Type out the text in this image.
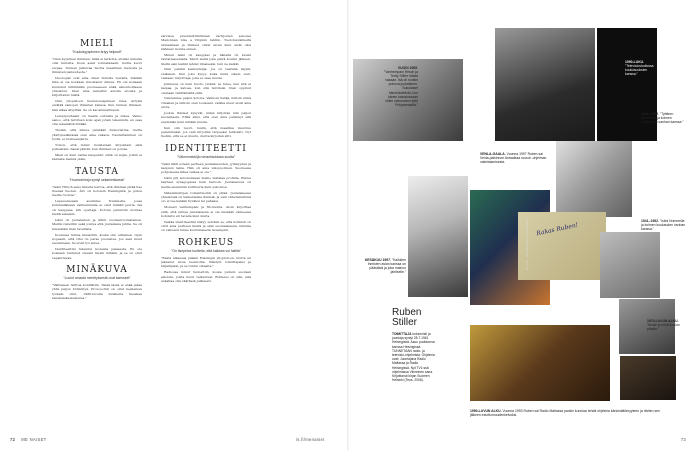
MIELI
"Kuuluisyyspinnen ärtyy helposti"

"Olen kyyninen ihminen, mikä ei tarkoita, etteikö minulla olisi tunteita. Koen asiat voimakkaasti, mutta kuori suojaa. Tunnen jatkuvaa huolta maailman menosta ja ihmisten pahuudesta."

Ideologiat ovat aina olleet minulle vieraita, mikään liike ei ole koskaan innostanut minua. En ole koskaan kuulunut mihinkään puolueeseen enkä uskonnolliseen yhteisöön. Olen aina katsellut asioita sivusta ja kirjoittanut niistä.

Olen yliopistoon kuuluisuuspinnen mies, ärtyisä eivätkä samojen ihmisten kanssa. Kun tunnen ihmisen, hän alkaa ärsyttää. Se on kai ammattitauti.

Lempipuuhaani on maata sohvalla ja lukea. Vaimo sanoo, että tarvitsen koko ajan jotain tekemistä, en osaa olla tekemättä mitään.

Tiedän, että minua pidetään humoristina, mutta yksityiselämässä olen aika vakava. Naurattaminen on työtä, ei luonteenpiirre.

Toivon, että minut muistetaan kirjoistani eikä puheistani. Sanat jäävät, kun ihminen on poissa.

Mieli on kuin vanha kaupunki: siinä on kujia, joihin ei kannata mennä yksin.

TAUSTA
"Huumorintaju syntyi sekamelskasta"

"Isäni Hirsch saisi minulle kertoa, että ihminen pitää itse itsensä huolen. Äiti oli kotoisin Helsingistä ja puhui meille ruotsia."

Lapsuudessani asuimme Nummella, jossa kummallakaan vanhemmalla ei ollut mitään juuria. Isä oli kauppias, äiti opettaja. Kotona puhuttiin montaa kieltä sekaisin.

Isäni oli juutalainen ja äitini suomenruotsalainen. Meillä vietettiin sekä joulua että juutalaisia juhlia. Se oli mielestäni ihan tavallista.

Koulussa minua kiusattiin, koska olin erilainen. Opin nopeasti, että vitsi on paras puolustus. Jos saat muut nauramaan, he eivät lyö sinua.

Identiteettini rakentui monesta palasesta. En ole koskaan tuntenut olevani täysin mitään, ja se on ollut vapauttavaa.

MINÄKUVA
"Luulot omasta merkityksestä ovat karisseet"

"Väitteleen tarttua konfliktiin. Tässä iässä ei enää jaksa yhtä paljon hölmöilyä. Provosointi on ollut keskeinen työkalu ollut, 1980-luvulla huikkeita hauskaa tanssiaiskeskustelua."

sarvissa presidenttiinlinnan vartijoiden sekossa Madonnan Like a Virginin tahtiin. Tiedotusvälineitä ahmaistaan ja ihmiset olivat aivan kuin eivät olisi nähneet moista ennen.

Minun isäni oli kauppias ja hänellä oli kioski rautatieasemalla. Kävin siellä joka päivä koulun jälkeen. Sieltä sain kaikki lehdet ilmaiseksi, luin ne kaikki.

Olen pelkkä keskustelija. Jos on vaaralla täysiä, vaikenen. Kun joku kysyy, kuka minä oikein olen, vastaan: kirjoittaja, joka ei osaa muuta.

Julkisuus on kuin huono ystävä: se tulee, kun sitä ei kaipaa, ja katoaa, kun sitä tarvitsisi. Olen oppinut olemaan välittämättä siitä.

Nauramme paljon kotona. Vaimoni tietää, milloin minä vitsailen ja milloin olen tosissani, vaikka muut eivät aina erota.

Joskus ihmiset kysyvät, miksi kirjoitan niin paljon kuolemasta. Ehkä siksi, että olen aina pelännyt sitä enemmän kuin mitään muuta.

Kun olin nuori, luulin, että maailma muuttuu paremmaksi, jos vain kirjoitan tarpeeksi terävästi. Nyt tiedän, että se ei muutu, mutta kirjoitan silti.

IDENTITEETTI
"Vähemmistöjä romantisoidaan suotta"

"Isäni lähti sotaan perheen juutalaisuuden, jyrkkyyden ja kaipuun takia. Hän oli aina ulkopuolinen. Suomessa pohjoisessa lähes vaikea ei ole."

Isäni piti autonomiaan melko matalaa profiilia. Emme käyneet synagogassa kuin harvoin. Juutalaisuus oli meille enemmän kulttuuria kuin uskontoa.

Vähemmistöjen romantisointi on pitkä. Juutalaisessa yhteisössä on kaikenlaisia ihmisiä, ja vain vähemmistönä olo ei tee ketään hyväksi tai pahaksi.

Monesti vanhempani ja 80-luvulla. Aloin kirjoittaa siitä, että minua juutalaisena ei ole missään vaiheessa kohdeltu eri tavalla kuin muita.

Vaikka identiteettini näkyy selvästi se, että kotikieli on ollut aina perheen kieltä ja elän suomalaisena, minulla on vahvasti tunne kuulumisesta molempiin.

ROHKEUS
"On itsepetos kuvitella, että kaikkea voi hallita"

"Rasta alkaessa pääsin Helsingin yliopistoon, mutta en jaksanut istua luennoilla. Päädyin toimittajaksi ja kirjailijaksi, ja se tuntui oikealta."

Radiossa minut tunnettiin, koska puhuin suoraan asioista, joista muut vaikenivat. Rohkeus on sitä, että uskaltaa olla väärässä julkisesti.

72 ME NAISET
Rakas Ruben!
KUVA: HELSINGIN SANOMAT
VUODI 1965. "Vanhempani Hirsch ja Tertty Stiller häistä vasaan. Isä oli ruotsin puhuva juutalainen. Sukulaiset hämmästelivät, kun hänen kainalossaan olikin uskomaton tyttö Pohjanmaalta."
1990-LUKU. "Televisiostudiossa kuuluisuuksien kanssa."
1941–1962. "Tyttären Nummella ja kolmen kuukauden vanhan kanssa."
VENLA-GAALA. Vuonna 1997 Ruben sai Venla-palkinnon Antaatkaa ruusut -ohjelman valmistamisesta.
1941–1962. "Isäni Nummella ja kolmen kuukauden vanhan kanssa."
KESÄKUU 1997. "Kaikkien ihmisten asian kanssa on päästävä ja joka mainoo jäntiselle."
1970-LUVUN ALKU. "Broidi ja minä koulun pihalla."
1990-LUVUN ALKU. Vuonna 1993 Ruben sai Radio Mafiassa pankin kunniaa tehdä ohjelmia kärsimättömyyteen ja riisiten sen jälkeen estottomuudenkelvoksi.
Ruben
Stiller
TOIMITTAJA kolumnisti ja juontaja syntyi 28.7.1961 Helsingissä. Asuu puolisonsa kanssa Helsingissä. TUNNETAAN radio- ja televisio-ohjelmista. Ohjelmia ovat: Juontajana Radio Mafiassa ja Radio Helsingissä. Nyt TV1:ssä ohjelmassa Viimeinen sana. Kirjoittanut kirjan Suomen Helsinki (Teos, 2006).
is.fi/menaiset	73
